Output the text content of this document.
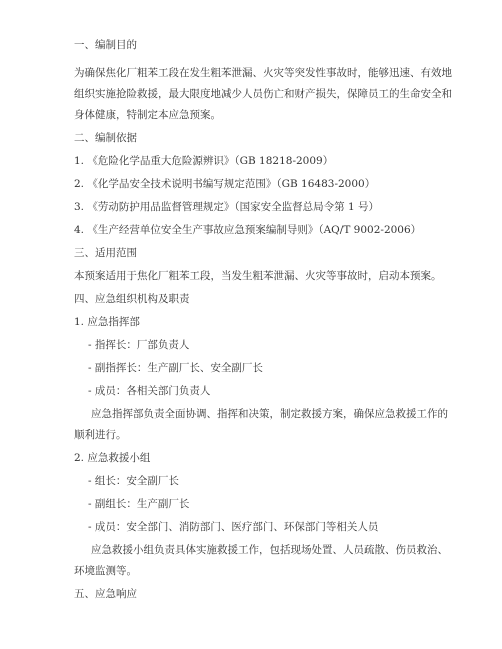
一、编制目的
为确保焦化厂粗苯工段在发生粗苯泄漏、火灾等突发性事故时，能够迅速、有效地
组织实施抢险救援，最大限度地减少人员伤亡和财产损失，保障员工的生命安全和
身体健康，特制定本应急预案。
二、编制依据
1. 《危险化学品重大危险源辨识》（GB 18218-2009）
2. 《化学品安全技术说明书编写规定范围》（GB 16483-2000）
3. 《劳动防护用品监督管理规定》（国家安全监督总局令第 1 号）
4. 《生产经营单位安全生产事故应急预案编制导则》（AQ/T 9002-2006）
三、适用范围
本预案适用于焦化厂粗苯工段，当发生粗苯泄漏、火灾等事故时，启动本预案。
四、应急组织机构及职责
1. 应急指挥部
- 指挥长：厂部负责人
- 副指挥长：生产副厂长、安全副厂长
- 成员：各相关部门负责人
应急指挥部负责全面协调、指挥和决策，制定救援方案，确保应急救援工作的
顺利进行。
2. 应急救援小组
- 组长：安全副厂长
- 副组长：生产副厂长
- 成员：安全部门、消防部门、医疗部门、环保部门等相关人员
应急救援小组负责具体实施救援工作，包括现场处置、人员疏散、伤员救治、
环境监测等。
五、应急响应
